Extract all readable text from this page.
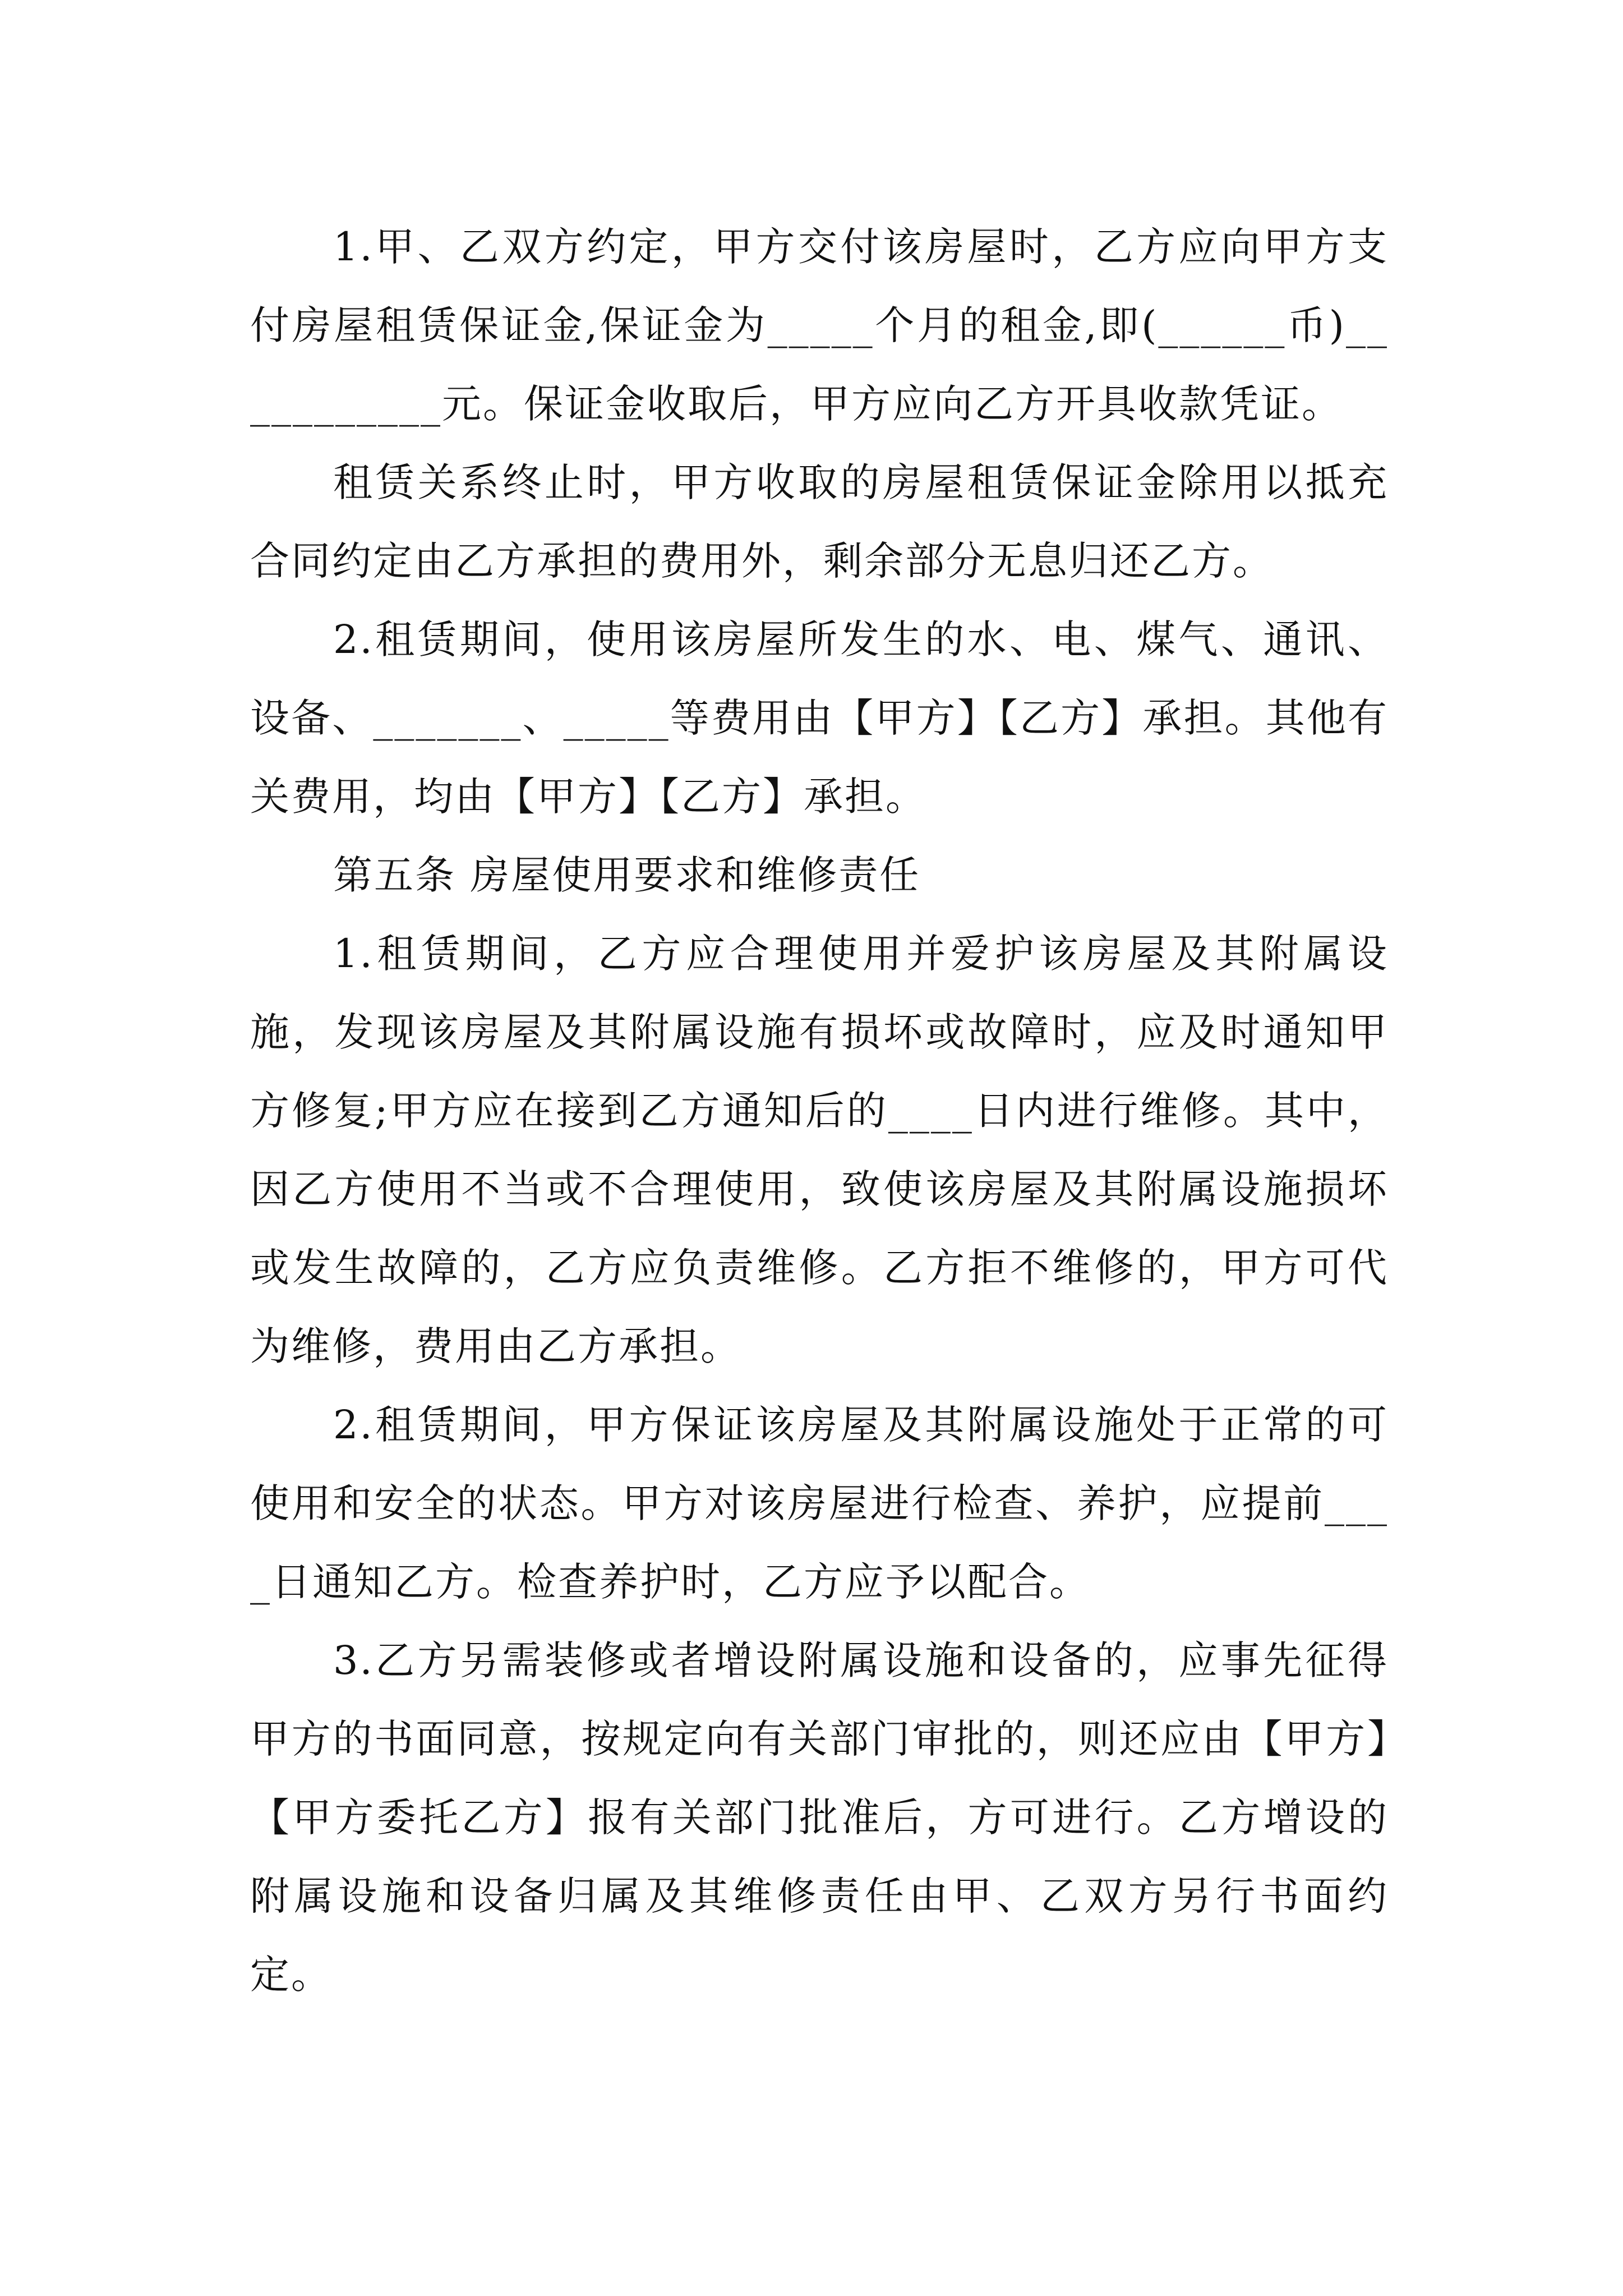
1.甲、乙双方约定，甲方交付该房屋时，乙方应向甲方支付房屋租赁保证金,保证金为_____个月的租金,即(______币)___________元。保证金收取后，甲方应向乙方开具收款凭证。

租赁关系终止时，甲方收取的房屋租赁保证金除用以抵充合同约定由乙方承担的费用外，剩余部分无息归还乙方。

2.租赁期间，使用该房屋所发生的水、电、煤气、通讯、设备、_______、_____等费用由【甲方】【乙方】承担。其他有关费用，均由【甲方】【乙方】承担。

第五条 房屋使用要求和维修责任

1.租赁期间，乙方应合理使用并爱护该房屋及其附属设施，发现该房屋及其附属设施有损坏或故障时，应及时通知甲方修复;甲方应在接到乙方通知后的____日内进行维修。其中，因乙方使用不当或不合理使用，致使该房屋及其附属设施损坏或发生故障的，乙方应负责维修。乙方拒不维修的，甲方可代为维修，费用由乙方承担。

2.租赁期间，甲方保证该房屋及其附属设施处于正常的可使用和安全的状态。甲方对该房屋进行检查、养护，应提前____日通知乙方。检查养护时，乙方应予以配合。

3.乙方另需装修或者增设附属设施和设备的，应事先征得甲方的书面同意，按规定向有关部门审批的，则还应由【甲方】【甲方委托乙方】报有关部门批准后，方可进行。乙方增设的附属设施和设备归属及其维修责任由甲、乙双方另行书面约定。
